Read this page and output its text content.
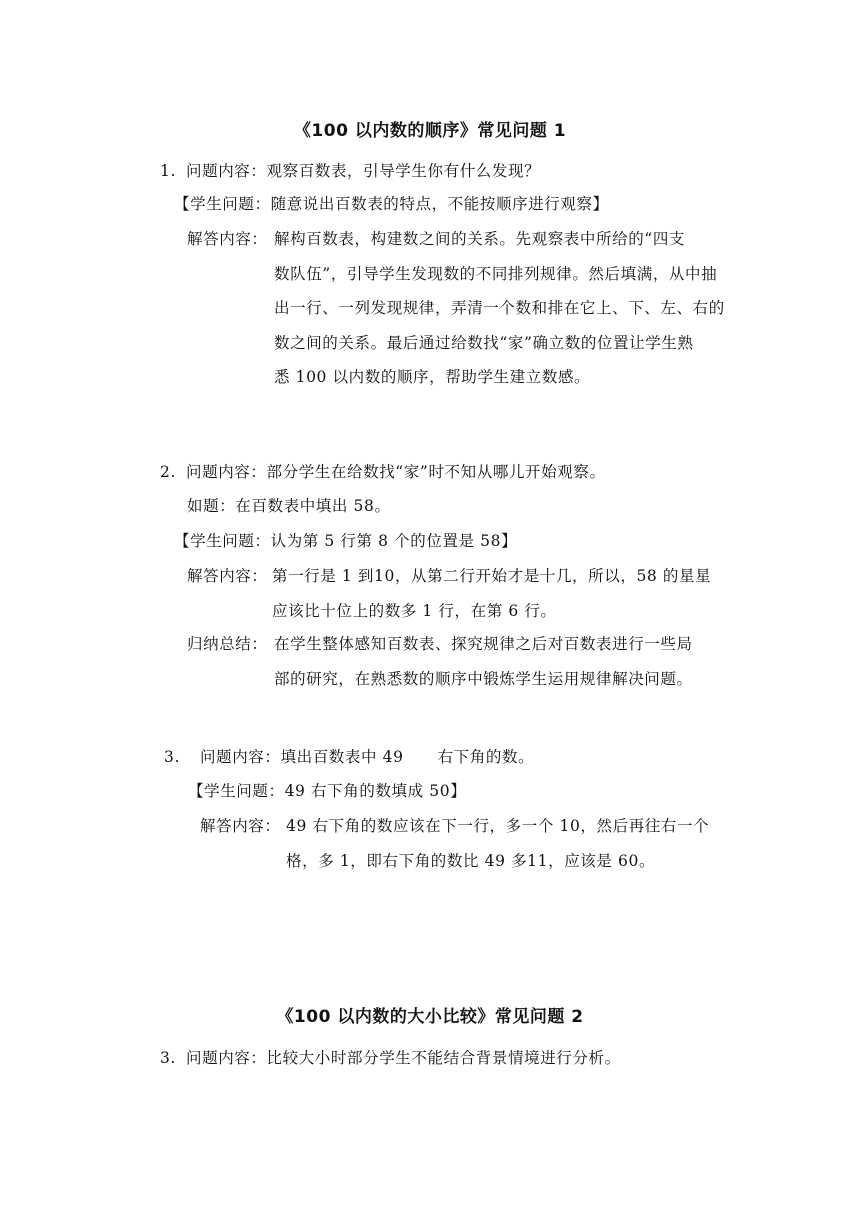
《100 以内数的顺序》常见问题 1
1. 问题内容：观察百数表，引导学生你有什么发现？
【学生问题：随意说出百数表的特点，不能按顺序进行观察】
解答内容： 解构百数表，构建数之间的关系。先观察表中所给的“四支
数队伍”，引导学生发现数的不同排列规律。然后填满，从中抽
出一行、一列发现规律，弄清一个数和排在它上、下、左、右的
数之间的关系。最后通过给数找“家”确立数的位置让学生熟
悉 100 以内数的顺序，帮助学生建立数感。
2. 问题内容：部分学生在给数找“家”时不知从哪儿开始观察。
如题：在百数表中填出 58。
【学生问题：认为第 5 行第 8 个的位置是 58】
解答内容： 第一行是 1 到10，从第二行开始才是十几，所以，58 的星星
应该比十位上的数多 1 行，在第 6 行。
归纳总结： 在学生整体感知百数表、探究规律之后对百数表进行一些局
部的研究，在熟悉数的顺序中锻炼学生运用规律解决问题。
3. 问题内容：填出百数表中 49 右下角的数。
【学生问题：49 右下角的数填成 50】
解答内容： 49 右下角的数应该在下一行，多一个 10，然后再往右一个
格，多 1，即右下角的数比 49 多11，应该是 60。
《100 以内数的大小比较》常见问题 2
3. 问题内容：比较大小时部分学生不能结合背景情境进行分析。
